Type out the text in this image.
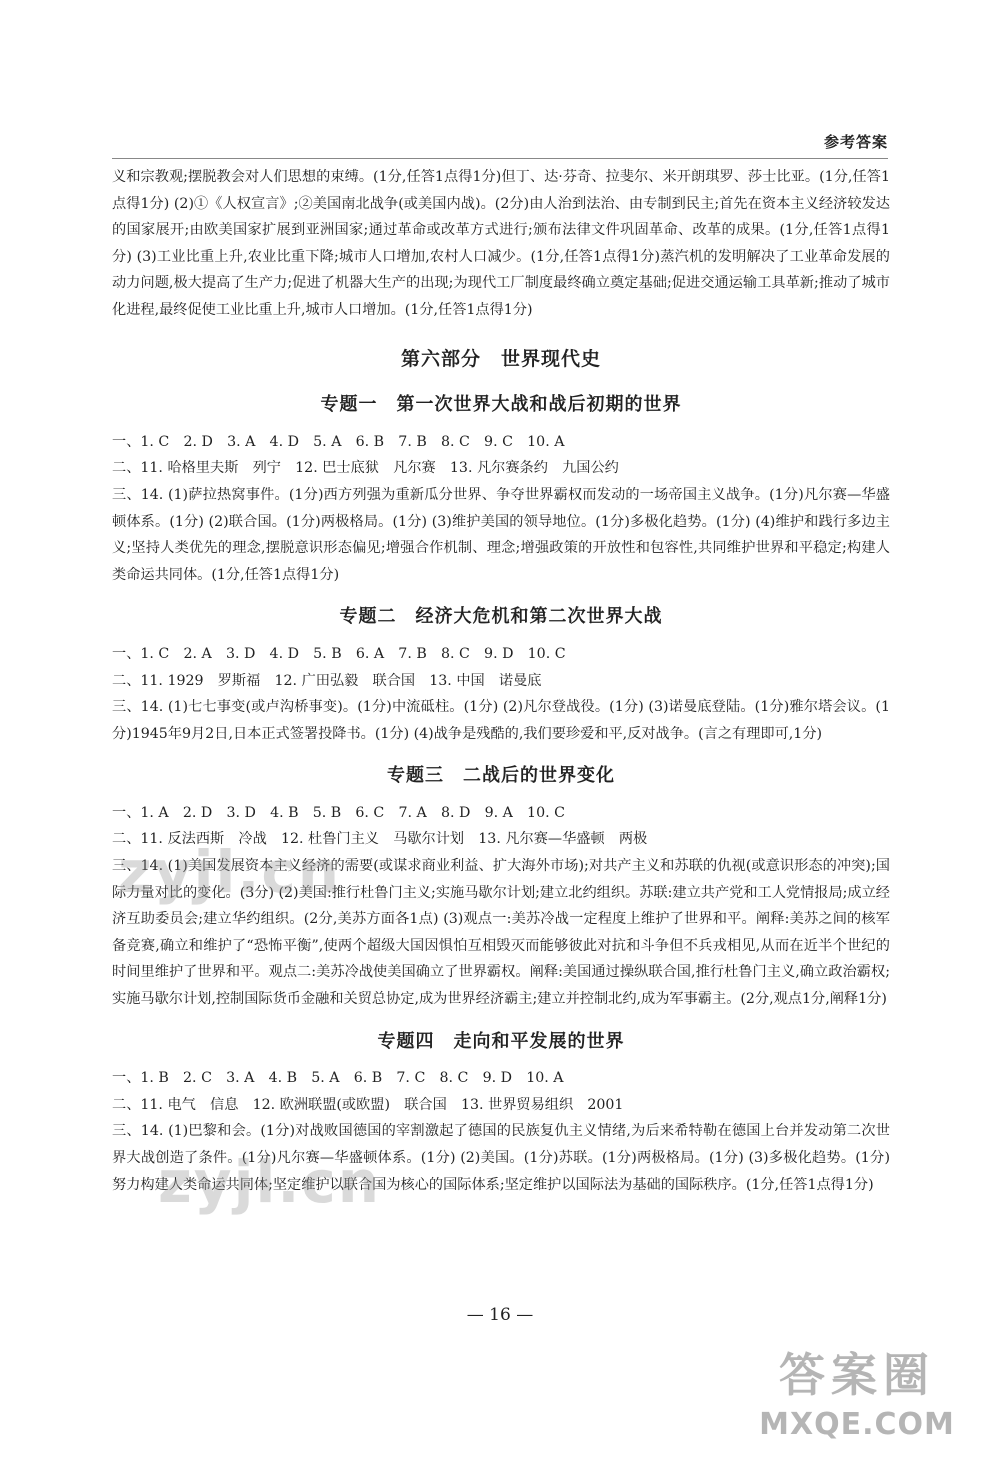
参考答案

义和宗教观;摆脱教会对人们思想的束缚。(1分,任答1点得1分)但丁、达·芬奇、拉斐尔、米开朗琪罗、莎士比亚。(1分,任答1点得1分) (2)①《人权宣言》;②美国南北战争(或美国内战)。(2分)由人治到法治、由专制到民主;首先在资本主义经济较发达的国家展开;由欧美国家扩展到亚洲国家;通过革命或改革方式进行;颁布法律文件巩固革命、改革的成果。(1分,任答1点得1分) (3)工业比重上升,农业比重下降;城市人口增加,农村人口减少。(1分,任答1点得1分)蒸汽机的发明解决了工业革命发展的动力问题,极大提高了生产力;促进了机器大生产的出现;为现代工厂制度最终确立奠定基础;促进交通运输工具革新;推动了城市化进程,最终促使工业比重上升,城市人口增加。(1分,任答1点得1分)

第六部分　世界现代史
专题一　第一次世界大战和战后初期的世界

一、1. C　2. D　3. A　4. D　5. A　6. B　7. B　8. C　9. C　10. A

二、11. 哈格里夫斯　列宁　12. 巴士底狱　凡尔赛　13. 凡尔赛条约　九国公约

三、14. (1)萨拉热窝事件。(1分)西方列强为重新瓜分世界、争夺世界霸权而发动的一场帝国主义战争。(1分)凡尔赛—华盛顿体系。(1分) (2)联合国。(1分)两极格局。(1分) (3)维护美国的领导地位。(1分)多极化趋势。(1分) (4)维护和践行多边主义;坚持人类优先的理念,摆脱意识形态偏见;增强合作机制、理念;增强政策的开放性和包容性,共同维护世界和平稳定;构建人类命运共同体。(1分,任答1点得1分)

专题二　经济大危机和第二次世界大战

一、1. C　2. A　3. D　4. D　5. B　6. A　7. B　8. C　9. D　10. C

二、11. 1929　罗斯福　12. 广田弘毅　联合国　13. 中国　诺曼底

三、14. (1)七七事变(或卢沟桥事变)。(1分)中流砥柱。(1分) (2)凡尔登战役。(1分) (3)诺曼底登陆。(1分)雅尔塔会议。(1分)1945年9月2日,日本正式签署投降书。(1分) (4)战争是残酷的,我们要珍爱和平,反对战争。(言之有理即可,1分)

专题三　二战后的世界变化

一、1. A　2. D　3. D　4. B　5. B　6. C　7. A　8. D　9. A　10. C

二、11. 反法西斯　冷战　12. 杜鲁门主义　马歇尔计划　13. 凡尔赛—华盛顿　两极

三、14. (1)美国发展资本主义经济的需要(或谋求商业利益、扩大海外市场);对共产主义和苏联的仇视(或意识形态的冲突);国际力量对比的变化。(3分) (2)美国:推行杜鲁门主义;实施马歇尔计划;建立北约组织。苏联:建立共产党和工人党情报局;成立经济互助委员会;建立华约组织。(2分,美苏方面各1点) (3)观点一:美苏冷战一定程度上维护了世界和平。阐释:美苏之间的核军备竞赛,确立和维护了“恐怖平衡”,使两个超级大国因惧怕互相毁灭而能够彼此对抗和斗争但不兵戎相见,从而在近半个世纪的时间里维护了世界和平。观点二:美苏冷战使美国确立了世界霸权。阐释:美国通过操纵联合国,推行杜鲁门主义,确立政治霸权;实施马歇尔计划,控制国际货币金融和关贸总协定,成为世界经济霸主;建立并控制北约,成为军事霸主。(2分,观点1分,阐释1分)

专题四　走向和平发展的世界

一、1. B　2. C　3. A　4. B　5. A　6. B　7. C　8. C　9. D　10. A

二、11. 电气　信息　12. 欧洲联盟(或欧盟)　联合国　13. 世界贸易组织　2001

三、14. (1)巴黎和会。(1分)对战败国德国的宰割激起了德国的民族复仇主义情绪,为后来希特勒在德国上台并发动第二次世界大战创造了条件。(1分)凡尔赛—华盛顿体系。(1分) (2)美国。(1分)苏联。(1分)两极格局。(1分) (3)多极化趋势。(1分)努力构建人类命运共同体;坚定维护以联合国为核心的国际体系;坚定维护以国际法为基础的国际秩序。(1分,任答1点得1分)

— 16 —
zyjl.cn
zyjl.cn
答案圈
MXQE.COM
